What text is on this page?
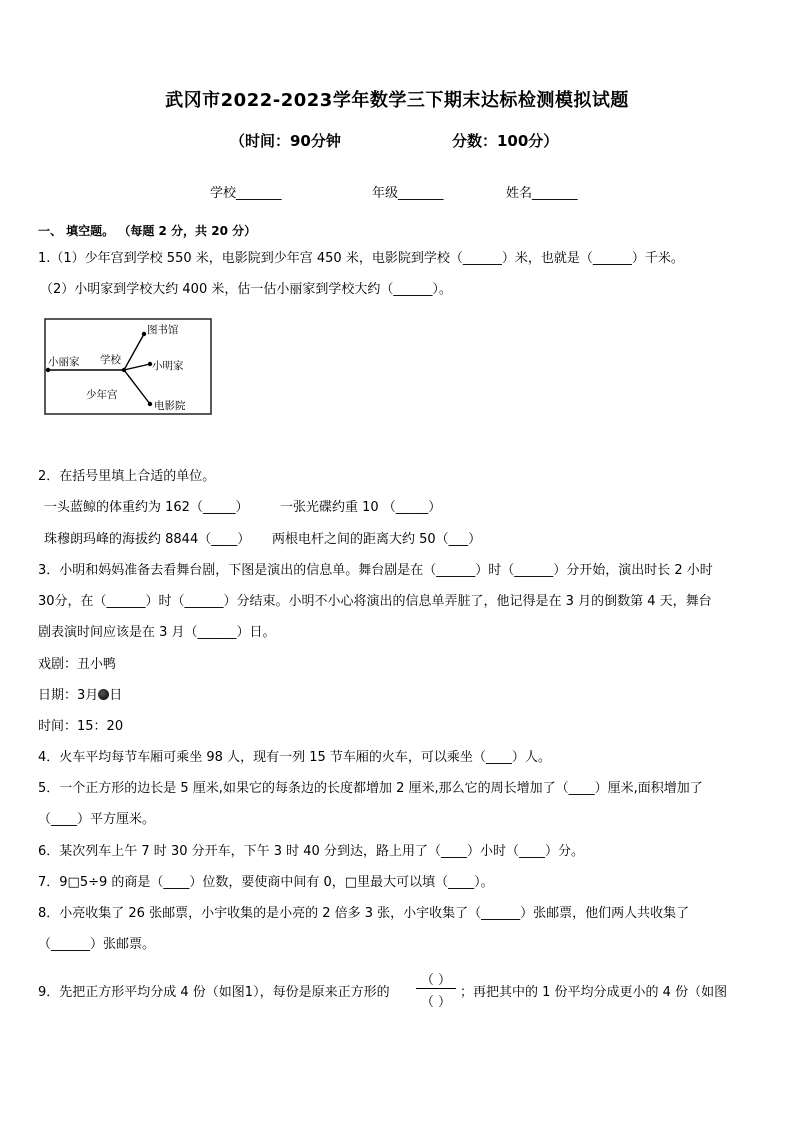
武冈市2022-2023学年数学三下期末达标检测模拟试题
（时间：90分钟	分数：100分）
学校_______	年级_______	姓名_______
一、 填空题。 （每题 2 分，共 20 分）
1.（1）少年宫到学校 550 米，电影院到少年宫 450 米，电影院到学校（______）米，也就是（______）千米。
（2）小明家到学校大约 400 米，估一估小丽家到学校大约（______）。
图书馆
小丽家 学校	小明家
少年宫
电影院
2．在括号里填上合适的单位。
一头蓝鲸的体重约为 162（_____） 一张光碟约重 10 （_____）
珠穆朗玛峰的海拔约 8844（____） 两根电杆之间的距离大约 50（___）
3．小明和妈妈准备去看舞台剧，下图是演出的信息单。舞台剧是在（______）时（______）分开始，演出时长 2 小时
30分，在（______）时（______）分结束。小明不小心将演出的信息单弄脏了，他记得是在 3 月的倒数第 4 天，舞台
剧表演时间应该是在 3 月（______）日。
戏剧：丑小鸭
日期：3月 日
时间：15：20
4．火车平均每节车厢可乘坐 98 人，现有一列 15 节车厢的火车，可以乘坐（____）人。
5．一个正方形的边长是 5 厘米,如果它的每条边的长度都增加 2 厘米,那么它的周长增加了（____）厘米,面积增加了
（____）平方厘米。
6．某次列车上午 7 时 30 分开车，下午 3 时 40 分到达，路上用了（____）小时（____）分。
7．9□5÷9 的商是（____）位数，要使商中间有 0，□里最大可以填（____）。
8．小亮收集了 26 张邮票，小宇收集的是小亮的 2 倍多 3 张，小宇收集了（______）张邮票，他们两人共收集了
（______）张邮票。
9．先把正方形平均分成 4 份（如图1），每份是原来正方形的
（ ）
（ ）
；再把其中的 1 份平均分成更小的 4 份（如图
